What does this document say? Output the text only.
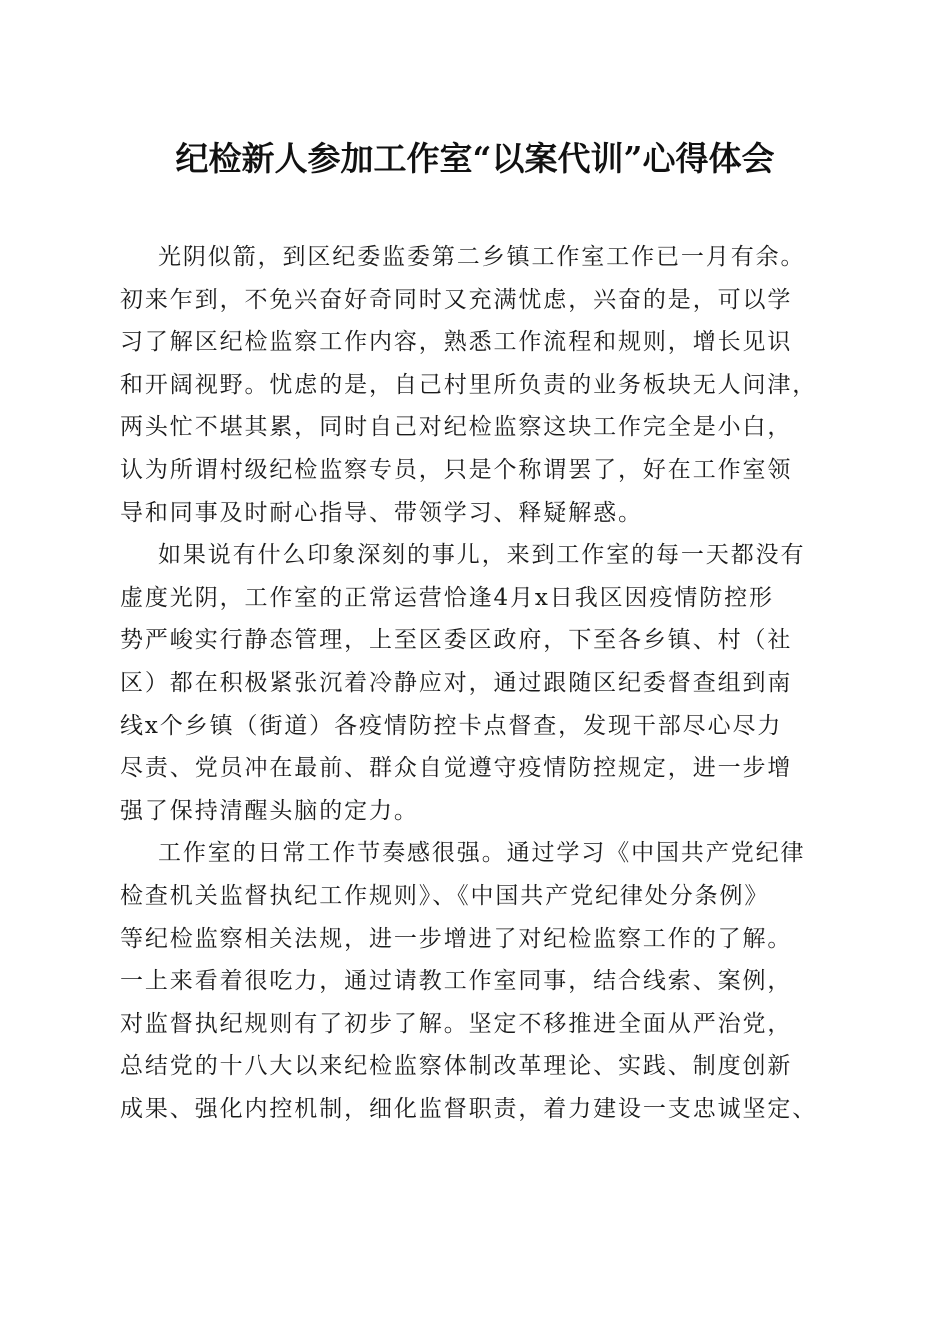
纪检新人参加工作室“以案代训”心得体会
光阴似箭，到区纪委监委第二乡镇工作室工作已一月有余。
初来乍到，不免兴奋好奇同时又充满忧虑，兴奋的是，可以学
习了解区纪检监察工作内容，熟悉工作流程和规则，增长见识
和开阔视野。忧虑的是，自己村里所负责的业务板块无人问津，
两头忙不堪其累，同时自己对纪检监察这块工作完全是小白，
认为所谓村级纪检监察专员，只是个称谓罢了，好在工作室领
导和同事及时耐心指导、带领学习、释疑解惑。
如果说有什么印象深刻的事儿，来到工作室的每一天都没有
虚度光阴，工作室的正常运营恰逢4月x日我区因疫情防控形
势严峻实行静态管理，上至区委区政府，下至各乡镇、村（社
区）都在积极紧张沉着冷静应对，通过跟随区纪委督查组到南
线x个乡镇（街道）各疫情防控卡点督查，发现干部尽心尽力
尽责、党员冲在最前、群众自觉遵守疫情防控规定，进一步增
强了保持清醒头脑的定力。
工作室的日常工作节奏感很强。通过学习《中国共产党纪律
检查机关监督执纪工作规则》、《中国共产党纪律处分条例》
等纪检监察相关法规，进一步增进了对纪检监察工作的了解。
一上来看着很吃力，通过请教工作室同事，结合线索、案例，
对监督执纪规则有了初步了解。坚定不移推进全面从严治党，
总结党的十八大以来纪检监察体制改革理论、实践、制度创新
成果、强化内控机制，细化监督职责，着力建设一支忠诚坚定、
